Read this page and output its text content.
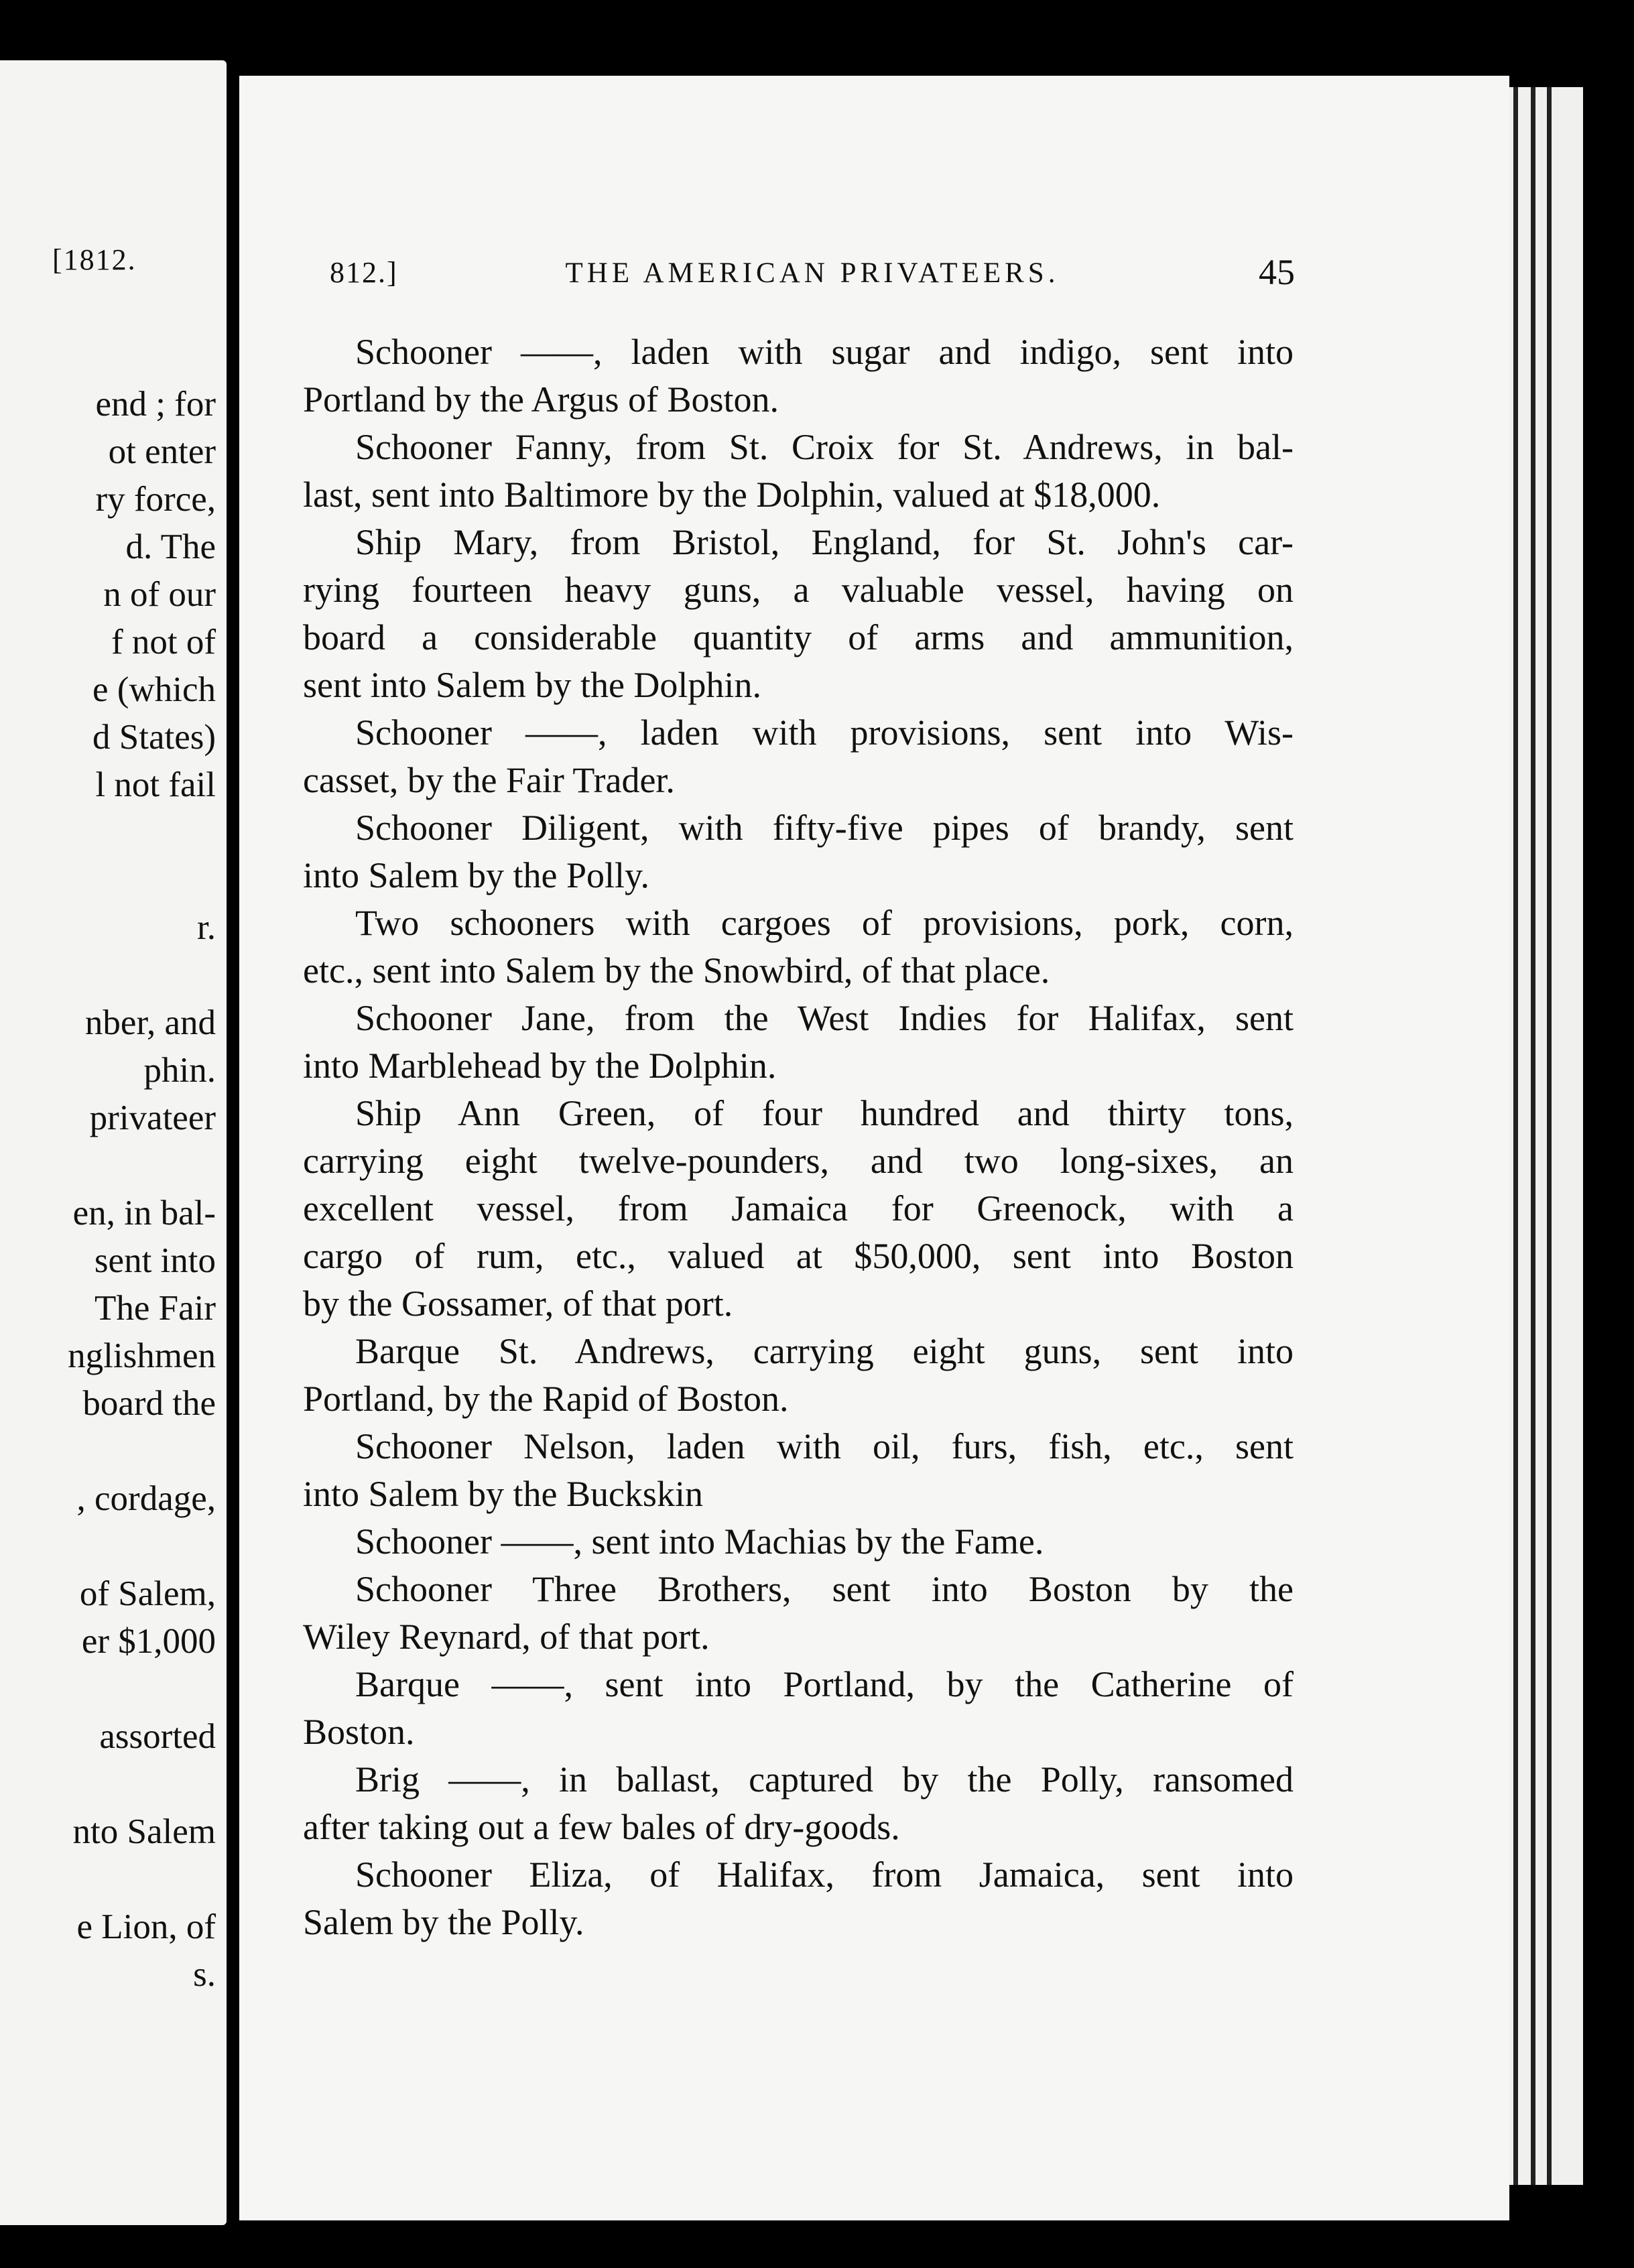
[1812.
end ; for
ot enter
ry force,
d. The
n of our
f not of
e (which
d States)
l not fail
r.
nber, and
phin.
privateer
en, in bal-
sent into
The Fair
nglishmen
board the
, cordage,
of Salem,
er $1,000
assorted
nto Salem
e Lion, of
s.
812.]	THE AMERICAN PRIVATEERS.	45
Schooner ——, laden with sugar and indigo, sent into
Portland by the Argus of Boston.
Schooner Fanny, from St. Croix for St. Andrews, in bal-
last, sent into Baltimore by the Dolphin, valued at $18,000.
Ship Mary, from Bristol, England, for St. John's car-
rying fourteen heavy guns, a valuable vessel, having on
board a considerable quantity of arms and ammunition,
sent into Salem by the Dolphin.
Schooner ——, laden with provisions, sent into Wis-
casset, by the Fair Trader.
Schooner Diligent, with fifty-five pipes of brandy, sent
into Salem by the Polly.
Two schooners with cargoes of provisions, pork, corn,
etc., sent into Salem by the Snowbird, of that place.
Schooner Jane, from the West Indies for Halifax, sent
into Marblehead by the Dolphin.
Ship Ann Green, of four hundred and thirty tons,
carrying eight twelve-pounders, and two long-sixes, an
excellent vessel, from Jamaica for Greenock, with a
cargo of rum, etc., valued at $50,000, sent into Boston
by the Gossamer, of that port.
Barque St. Andrews, carrying eight guns, sent into
Portland, by the Rapid of Boston.
Schooner Nelson, laden with oil, furs, fish, etc., sent
into Salem by the Buckskin
Schooner ——, sent into Machias by the Fame.
Schooner Three Brothers, sent into Boston by the
Wiley Reynard, of that port.
Barque ——, sent into Portland, by the Catherine of
Boston.
Brig ——, in ballast, captured by the Polly, ransomed
after taking out a few bales of dry-goods.
Schooner Eliza, of Halifax, from Jamaica, sent into
Salem by the Polly.
